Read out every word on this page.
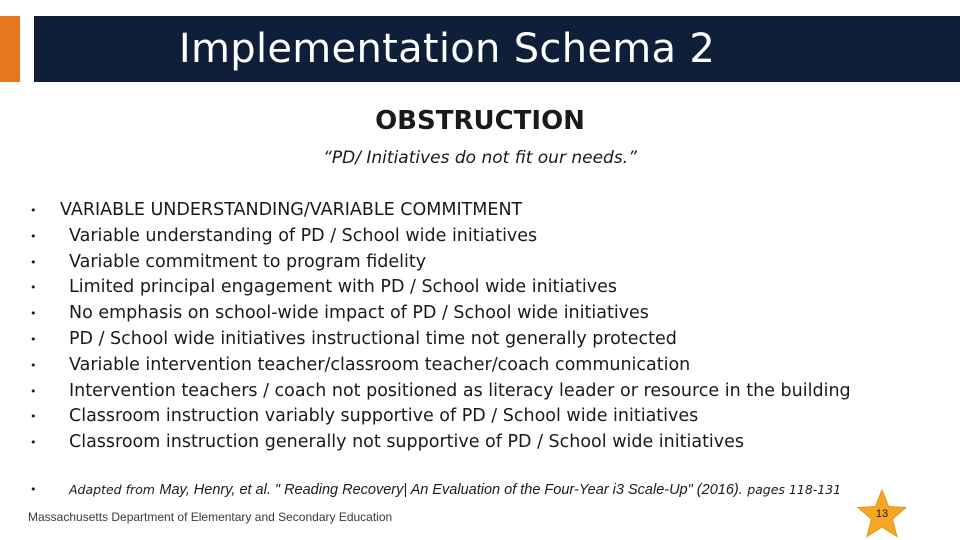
Implementation Schema 2
OBSTRUCTION
“PD/ Initiatives do not fit our needs.”
• VARIABLE UNDERSTANDING/VARIABLE COMMITMENT
• Variable understanding of PD / School wide initiatives
• Variable commitment to program fidelity
• Limited principal engagement with PD / School wide initiatives
• No emphasis on school-wide impact of PD / School wide initiatives
• PD / School wide initiatives instructional time not generally protected
• Variable intervention teacher/classroom teacher/coach communication
• Intervention teachers / coach not positioned as literacy leader or resource in the building
• Classroom instruction variably supportive of PD / School wide initiatives
• Classroom instruction generally not supportive of PD / School wide initiatives
•	Adapted from May, Henry, et al. " Reading Recovery| An Evaluation of the Four-Year i3 Scale-Up" (2016). pages 118-131
Massachusetts Department of Elementary and Secondary Education	13
